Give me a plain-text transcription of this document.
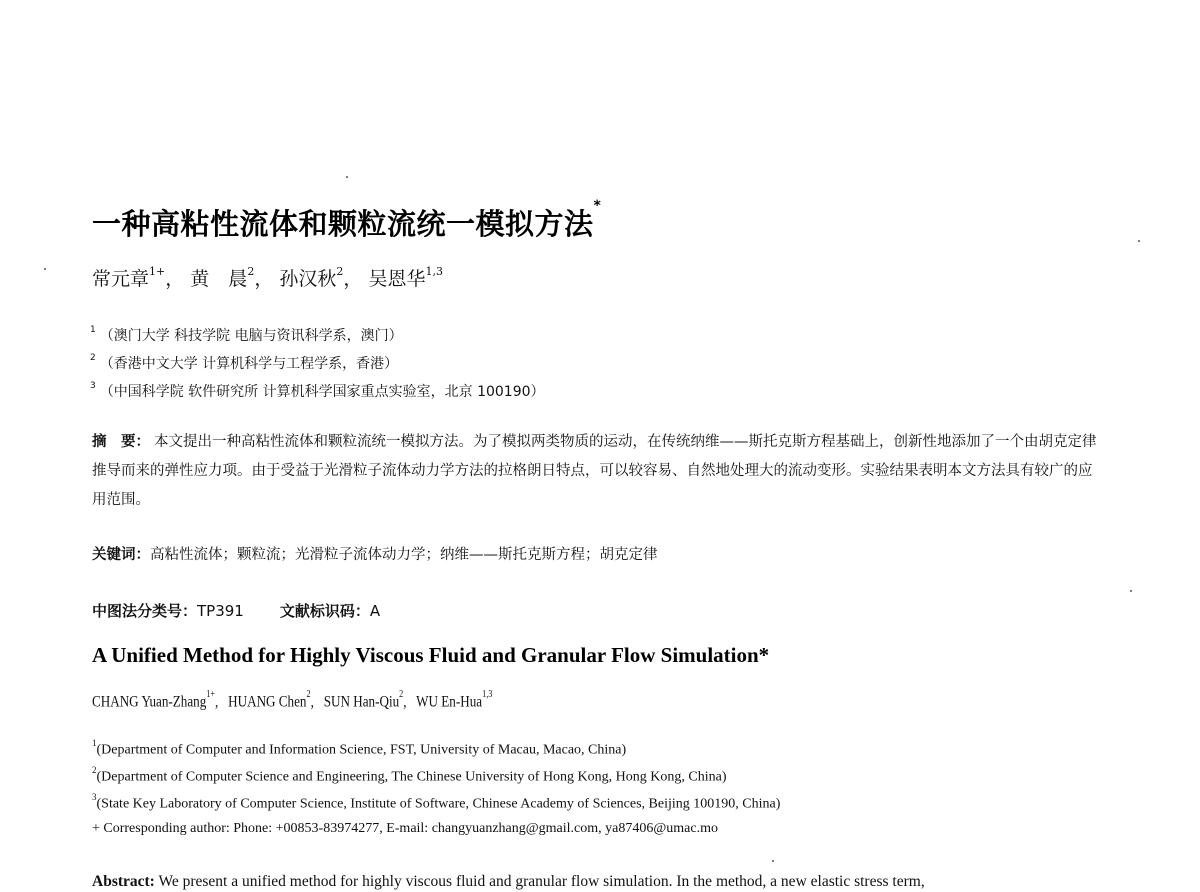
一种高粘性流体和颗粒流统一模拟方法*
常元章$^{1+}$， 黄　晨$^2$， 孙汉秋$^2$， 吴恩华$^{1,3}$
$^1$ （澳门大学 科技学院 电脑与资讯科学系，澳门）
$^2$ （香港中文大学 计算机科学与工程学系，香港）
$^3$ （中国科学院 软件研究所 计算机科学国家重点实验室，北京 100190）
摘　要： 本文提出一种高粘性流体和颗粒流统一模拟方法。为了模拟两类物质的运动，在传统纳维——斯托克斯方程基础上，创新性地添加了一个由胡克定律推导而来的弹性应力项。由于受益于光滑粒子流体动力学方法的拉格朗日特点，可以较容易、自然地处理大的流动变形。实验结果表明本文方法具有较广的应用范围。
关键词：高粘性流体；颗粒流；光滑粒子流体动力学；纳维——斯托克斯方程；胡克定律
中图法分类号：TP391 文献标识码：A
A Unified Method for Highly Viscous Fluid and Granular Flow Simulation*
CHANG Yuan-Zhang$^{1+}$,   HUANG Chen$^2$,   SUN Han-Qiu$^2$,   WU En-Hua$^{1,3}$
$^1$(Department of Computer and Information Science, FST, University of Macau, Macao, China)
$^2$(Department of Computer Science and Engineering, The Chinese University of Hong Kong, Hong Kong, China)
$^3$(State Key Laboratory of Computer Science, Institute of Software, Chinese Academy of Sciences, Beijing 100190, China)
+ Corresponding author: Phone: +00853-83974277, E-mail: changyuanzhang@gmail.com, ya87406@umac.mo
Abstract: We present a unified method for highly viscous fluid and granular flow simulation. In the method, a new elastic stress term,
